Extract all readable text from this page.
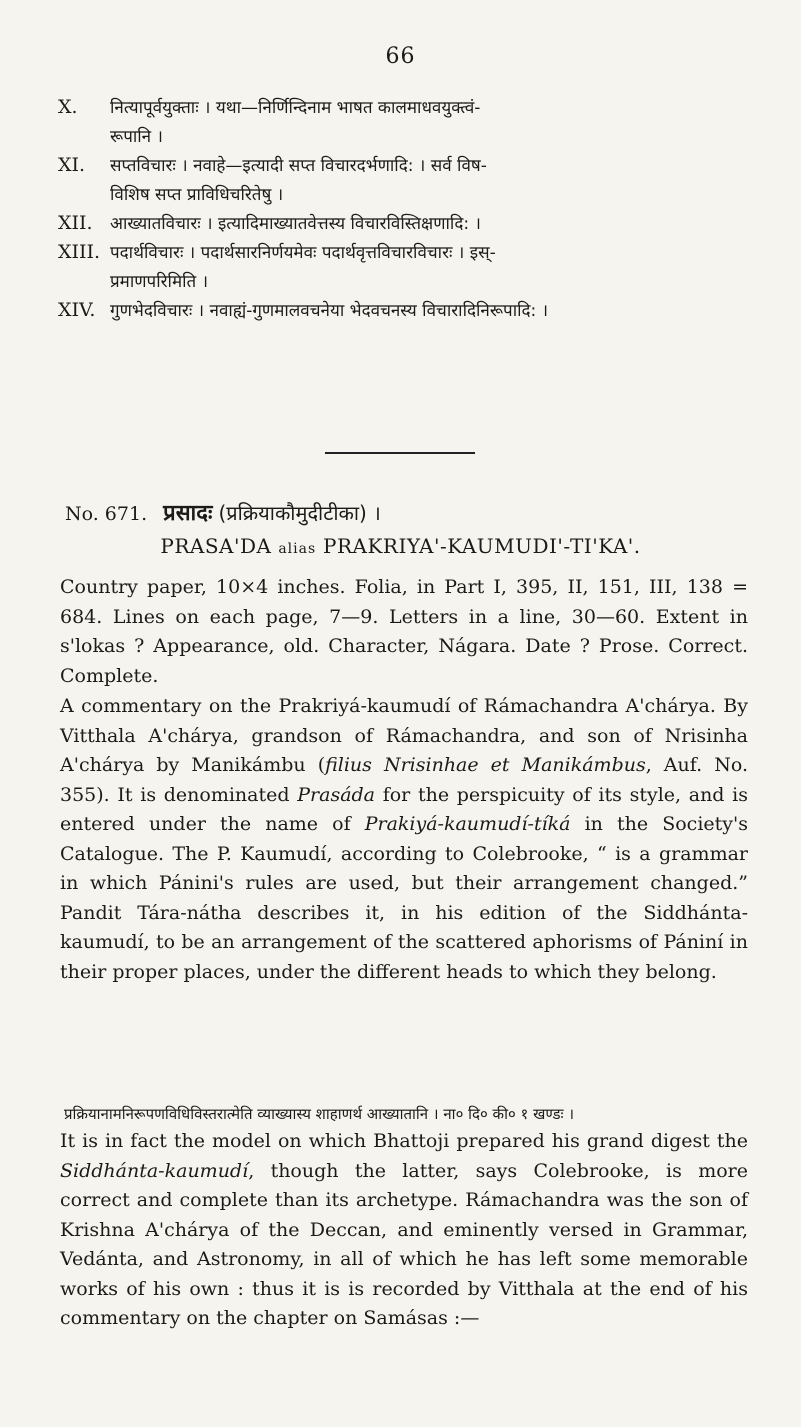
66
X. नित्यापूर्वयुक्ताः । यथा—निर्णिन्दिनाम भाषत कालमाधवयुक्त्वं-
रूपानि ।
XI. सप्तविचारः । नवाहे—इत्यादी सप्त विचारदर्भणादि: । सर्व विष-
विशिष सप्त प्राविधिचरितेषु ।
XII. आख्यातविचारः । इत्यादिमाख्यातवेत्तस्य विचारविस्तिक्षणादि: ।
XIII. पदार्थविचारः । पदार्थसारनिर्णयमेवः पदार्थवृत्तविचारविचारः । इस्-
प्रमाणपरिमिति ।
XIV. गुणभेदविचारः । नवाह्यं-गुणमालवचनेया भेदवचनस्य विचारादिनिरूपादि: ।
No. 671. प्रसादः (प्रक्रियाकौमुदीटीका) ।
PRASA'DA alias PRAKRIYA'-KAUMUDI'-TI'KA'.
Country paper, 10×4 inches. Folia, in Part I, 395, II, 151, III, 138 = 684. Lines on each page, 7—9. Letters in a line, 30—60. Extent in s'lokas ? Appearance, old. Character, Nágara. Date ? Prose. Correct. Complete.
A commentary on the Prakriyá-kaumudí of Rámachandra A'chárya. By Vitthala A'chárya, grandson of Rámachandra, and son of Nrisinha A'chárya by Manikámbu (filius Nrisinhae et Manikámbus, Auf. No. 355). It is denominated Prasáda for the perspicuity of its style, and is entered under the name of Prakiyá-kaumudí-tíká in the Society's Catalogue. The P. Kaumudí, according to Colebrooke, “ is a grammar in which Pánini's rules are used, but their arrangement changed.” Pandit Tára-nátha describes it, in his edition of the Siddhánta-kaumudí, to be an arrangement of the scattered aphorisms of Pániní in their proper places, under the different heads to which they belong.
प्रक्रियानामनिरूपणविधिविस्तरात्मेति व्याख्यास्य शाहाणर्थ आख्यातानि । ना० दि० की० १ खण्डः ।
It is in fact the model on which Bhattoji prepared his grand digest the Siddhánta-kaumudí, though the latter, says Colebrooke, is more correct and complete than its archetype. Rámachandra was the son of Krishna A'chárya of the Deccan, and eminently versed in Grammar, Vedánta, and Astronomy, in all of which he has left some memorable works of his own : thus it is is recorded by Vitthala at the end of his commentary on the chapter on Samásas :—
